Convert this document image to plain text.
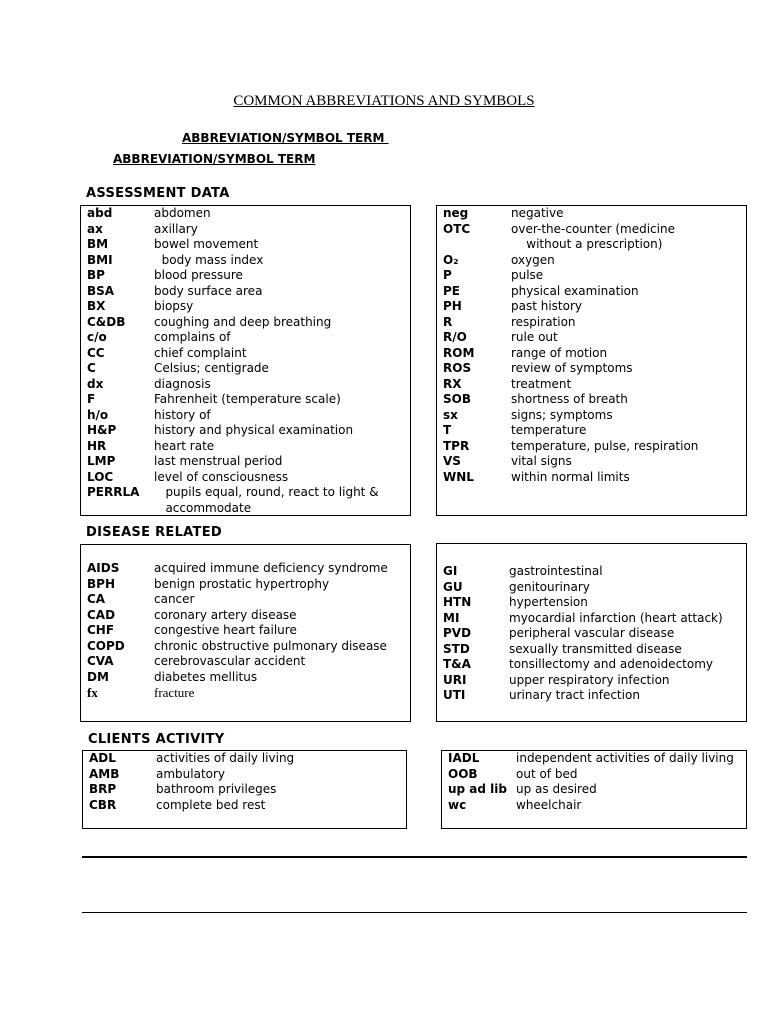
COMMON ABBREVIATIONS AND SYMBOLS
ABBREVIATION/SYMBOL TERM
ABBREVIATION/SYMBOL TERM
ASSESSMENT DATA
abd	abdomen
ax	axillary
BM	bowel movement
BMI	body mass index
BP	blood pressure
BSA	body surface area
BX	biopsy
C&DB coughing and deep breathing
c/o	complains of
CC	chief complaint
C	Celsius; centigrade
dx	diagnosis
F	Fahrenheit (temperature scale)
h/o	history of
H&P	history and physical examination
HR	heart rate
LMP	last menstrual period
LOC	level of consciousness
PERRLA pupils equal, round, react to light &
accommodate
neg	negative
OTC	over-the-counter (medicine
without a prescription)
O₂	oxygen
P	pulse
PE	physical examination
PH	past history
R	respiration
R/O	rule out
ROM	range of motion
ROS	review of symptoms
RX	treatment
SOB	shortness of breath
sx	signs; symptoms
T	temperature
TPR	temperature, pulse, respiration
VS	vital signs
WNL	within normal limits
DISEASE RELATED
AIDS	acquired immune deficiency syndrome
BPH	benign prostatic hypertrophy
CA	cancer
CAD	coronary artery disease
CHF	congestive heart failure
COPD chronic obstructive pulmonary disease
CVA	cerebrovascular accident
DM	diabetes mellitus
fx	fracture
GI	gastrointestinal
GU	genitourinary
HTN	hypertension
MI	myocardial infarction (heart attack)
PVD	peripheral vascular disease
STD	sexually transmitted disease
T&A	tonsillectomy and adenoidectomy
URI	upper respiratory infection
UTI	urinary tract infection
CLIENTS ACTIVITY
ADL	activities of daily living
AMB	ambulatory
BRP	bathroom privileges
CBR	complete bed rest
IADL	independent activities of daily living
OOB	out of bed
up ad lib up as desired
wc	wheelchair
